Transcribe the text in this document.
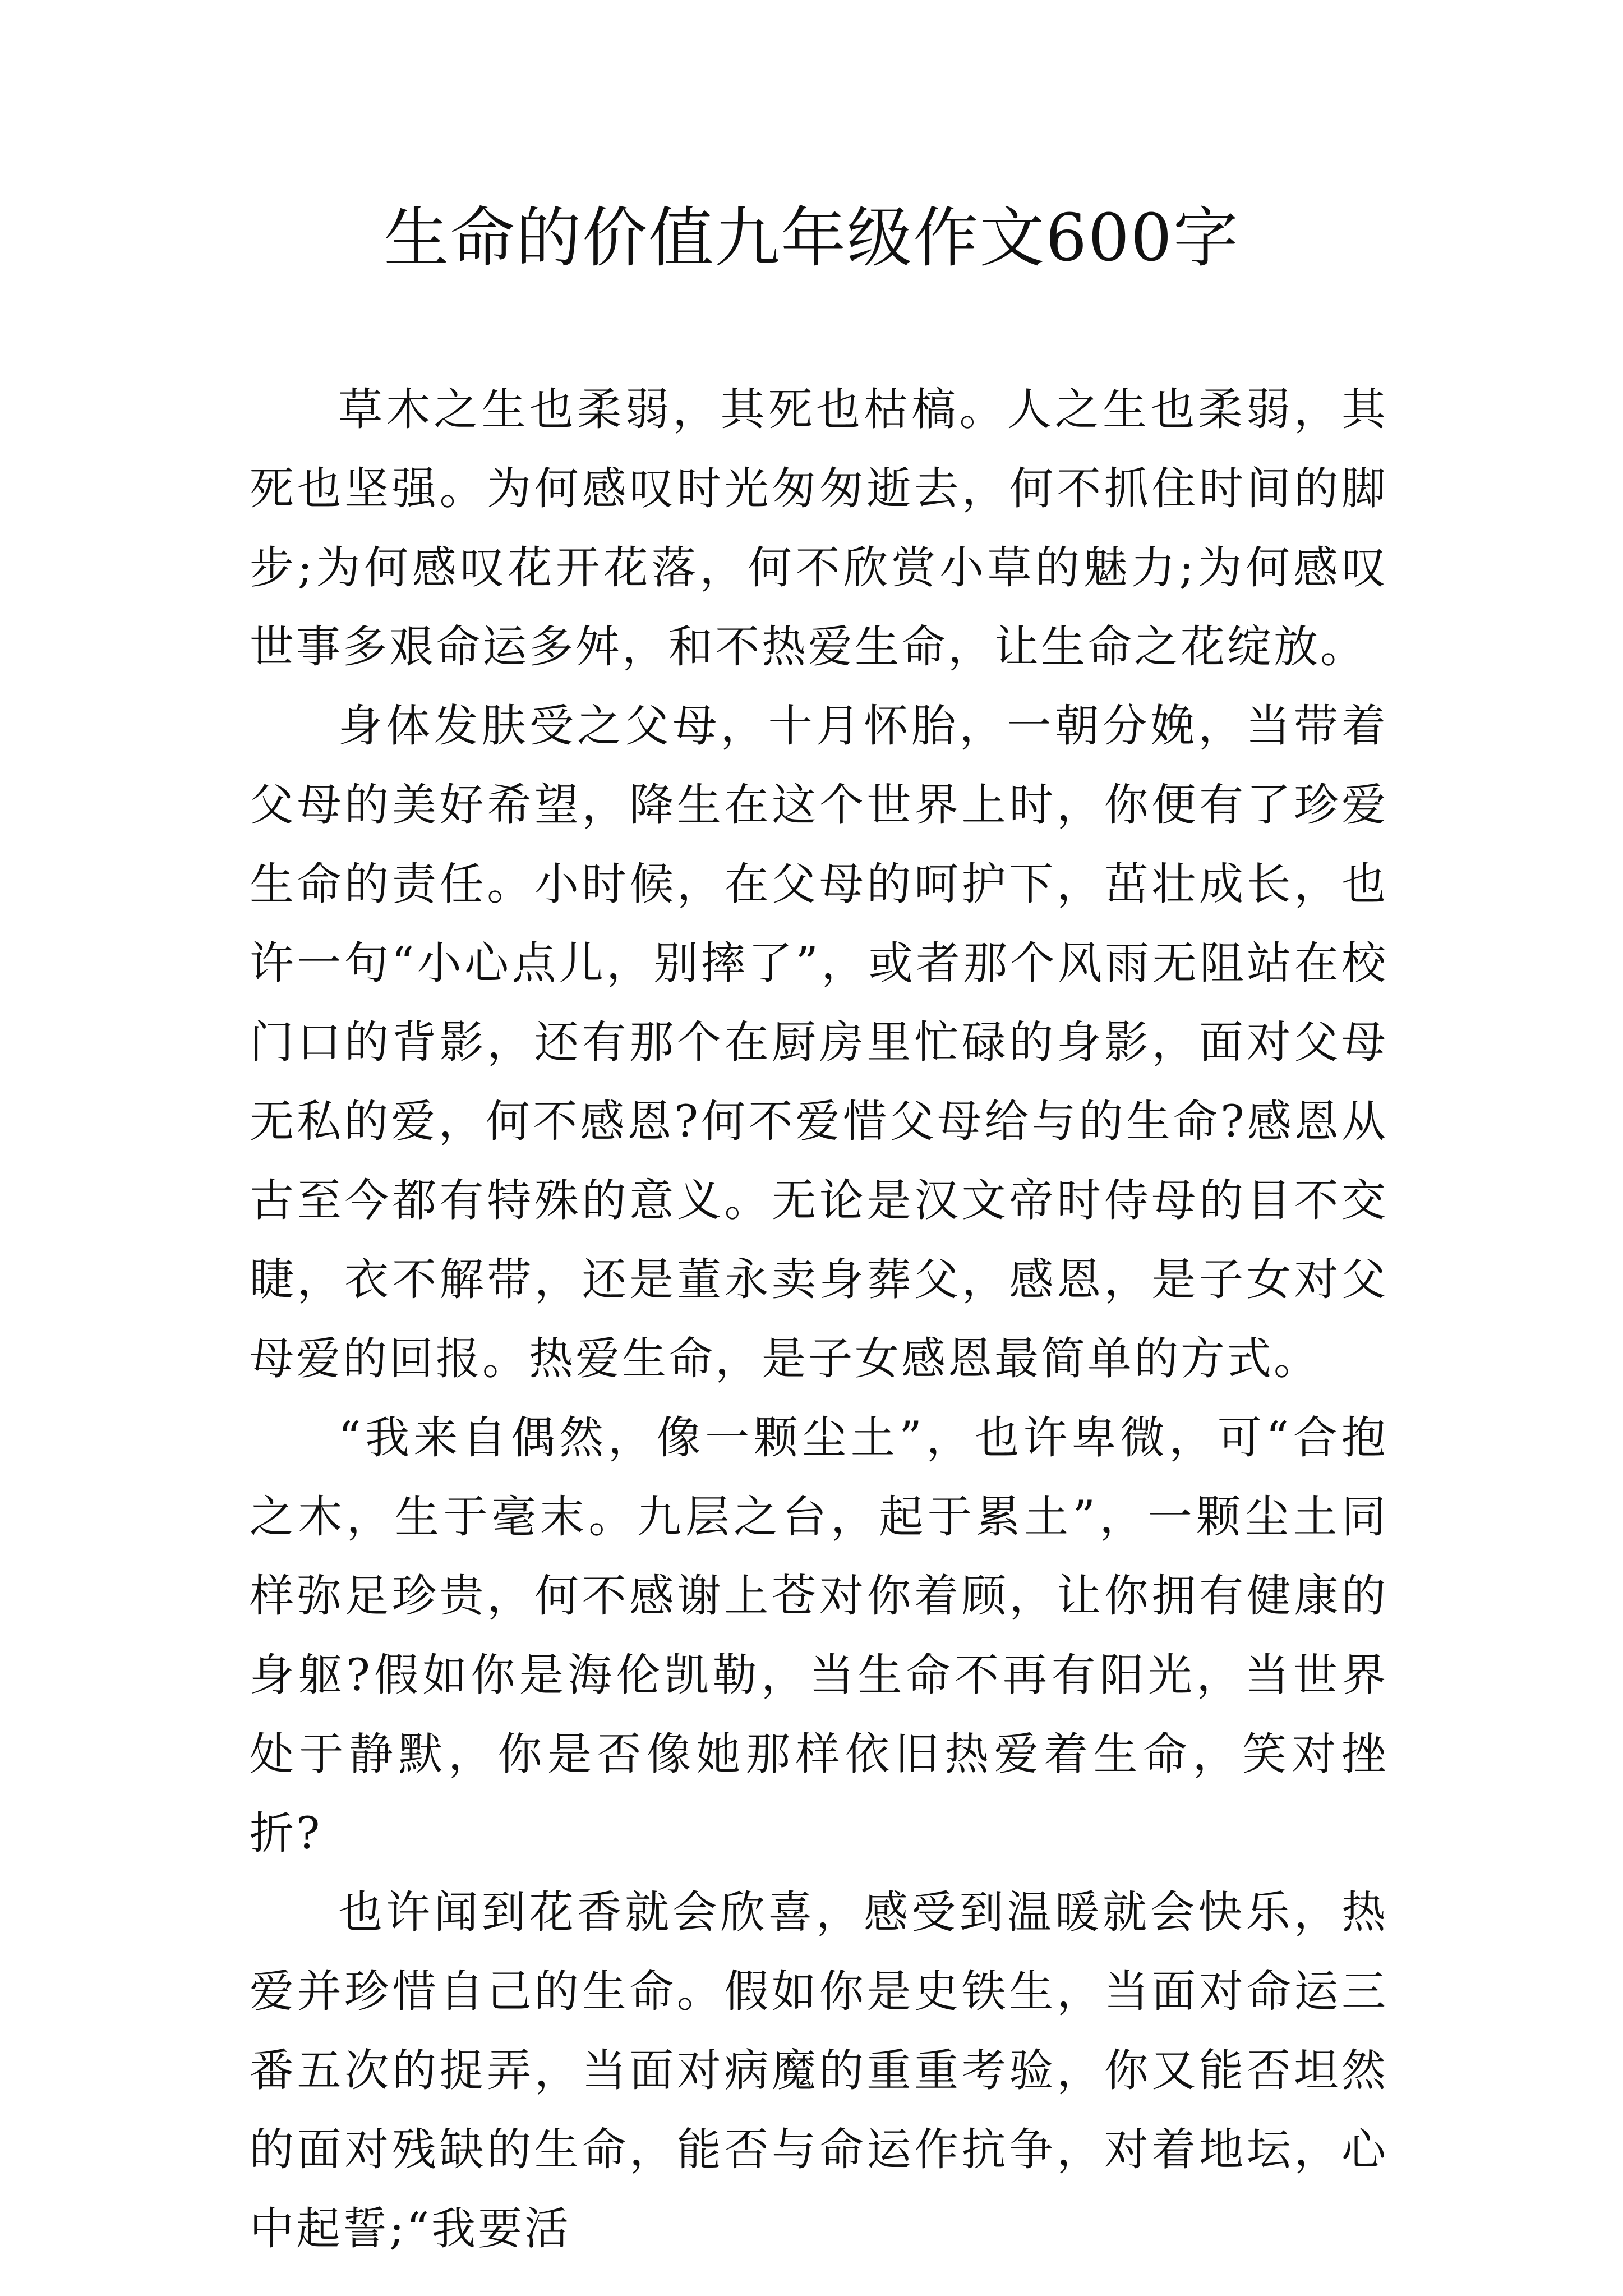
生命的价值九年级作文600字

草木之生也柔弱，其死也枯槁。人之生也柔弱，其死也坚强。为何感叹时光匆匆逝去，何不抓住时间的脚步;为何感叹花开花落，何不欣赏小草的魅力;为何感叹世事多艰命运多舛，和不热爱生命，让生命之花绽放。

身体发肤受之父母，十月怀胎，一朝分娩，当带着父母的美好希望，降生在这个世界上时，你便有了珍爱生命的责任。小时候，在父母的呵护下，茁壮成长，也许一句“小心点儿，别摔了”，或者那个风雨无阻站在校门口的背影，还有那个在厨房里忙碌的身影，面对父母无私的爱，何不感恩?何不爱惜父母给与的生命?感恩从古至今都有特殊的意义。无论是汉文帝时侍母的目不交睫，衣不解带，还是董永卖身葬父，感恩，是子女对父母爱的回报。热爱生命，是子女感恩最简单的方式。

“我来自偶然，像一颗尘土”，也许卑微，可“合抱之木，生于毫末。九层之台，起于累土”，一颗尘土同样弥足珍贵，何不感谢上苍对你着顾，让你拥有健康的身躯?假如你是海伦凯勒，当生命不再有阳光，当世界处于静默，你是否像她那样依旧热爱着生命，笑对挫折?

也许闻到花香就会欣喜，感受到温暖就会快乐，热爱并珍惜自己的生命。假如你是史铁生，当面对命运三番五次的捉弄，当面对病魔的重重考验，你又能否坦然的面对残缺的生命，能否与命运作抗争，对着地坛，心中起誓;“我要活
